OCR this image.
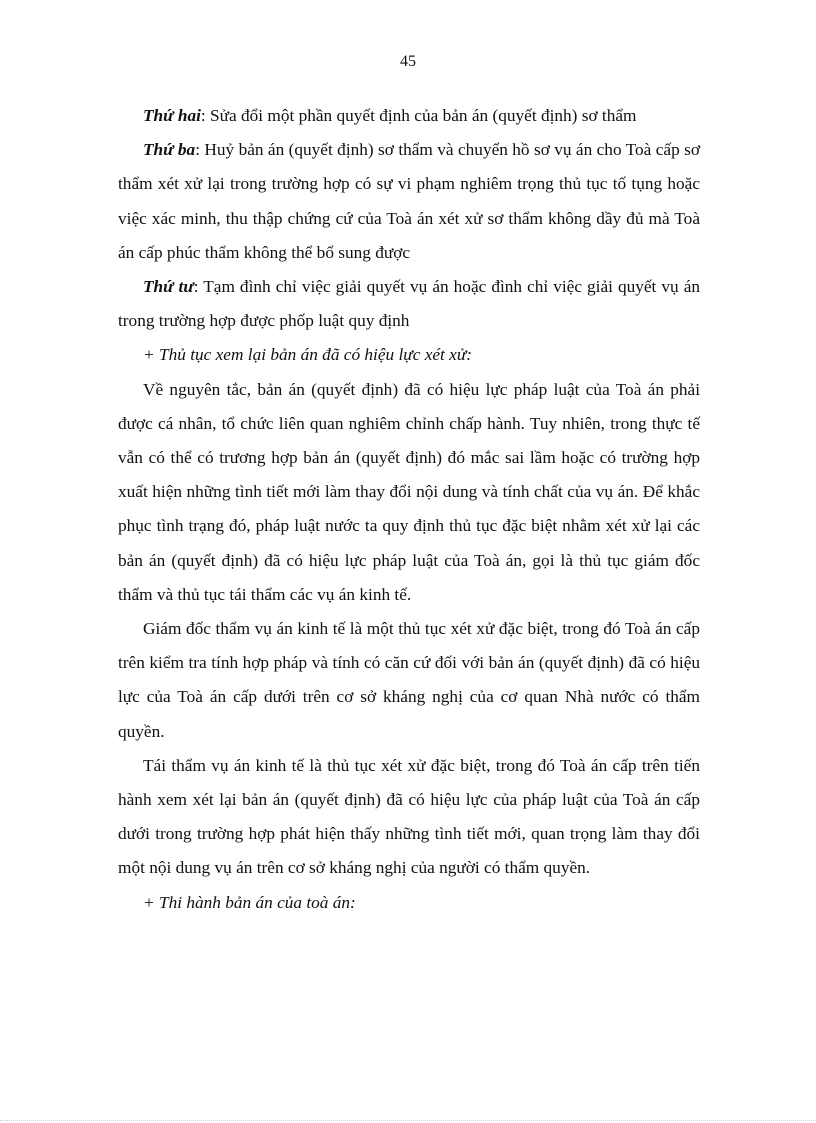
45

Thứ hai: Sửa đổi một phần quyết định của bản án (quyết định) sơ thẩm

Thứ ba: Huỷ bản án (quyết định) sơ thẩm và chuyển hồ sơ vụ án cho Toà cấp sơ thẩm xét xử lại trong trường hợp có sự vi phạm nghiêm trọng thủ tục tố tụng hoặc việc xác minh, thu thập chứng cứ của Toà án xét xử sơ thẩm không dầy đủ mà Toà án cấp phúc thẩm không thể bổ sung được

Thứ tư: Tạm đình chỉ việc giải quyết vụ án hoặc đình chỉ việc giải quyết vụ án trong trường hợp được phốp luật quy định

+ Thủ tục xem lại bản án đã có hiệu lực xét xử:

Về nguyên tắc, bản án (quyết định) đã có hiệu lực pháp luật của Toà án phải được cá nhân, tổ chức liên quan nghiêm chỉnh chấp hành. Tuy nhiên, trong thực tế vẫn có thể có trương hợp bản án (quyết định) đó mắc sai lầm hoặc có trường hợp xuất hiện những tình tiết mới làm thay đổi nội dung và tính chất của vụ án. Để khắc phục tình trạng đó, pháp luật nước ta quy định thủ tục đặc biệt nhằm xét xử lại các bản án (quyết định) đã có hiệu lực pháp luật của Toà án, gọi là thủ tục giám đốc thẩm và thủ tục tái thẩm các vụ án kinh tế.

Giám đốc thẩm vụ án kinh tế là một thủ tục xét xử đặc biệt, trong đó Toà án cấp trên kiểm tra tính hợp pháp và tính có căn cứ đối với bản án (quyết định) đã có hiệu lực của Toà án cấp dưới trên cơ sở kháng nghị của cơ quan Nhà nước có thẩm quyền.

Tái thẩm vụ án kinh tế là thủ tục xét xử đặc biệt, trong đó Toà án cấp trên tiến hành xem xét lại bản án (quyết định) đã có hiệu lực của pháp luật của Toà án cấp dưới trong trường hợp phát hiện thấy những tình tiết mới, quan trọng làm thay đổi một nội dung vụ án trên cơ sở kháng nghị của người có thẩm quyền.

+ Thi hành bản án của toà án:
